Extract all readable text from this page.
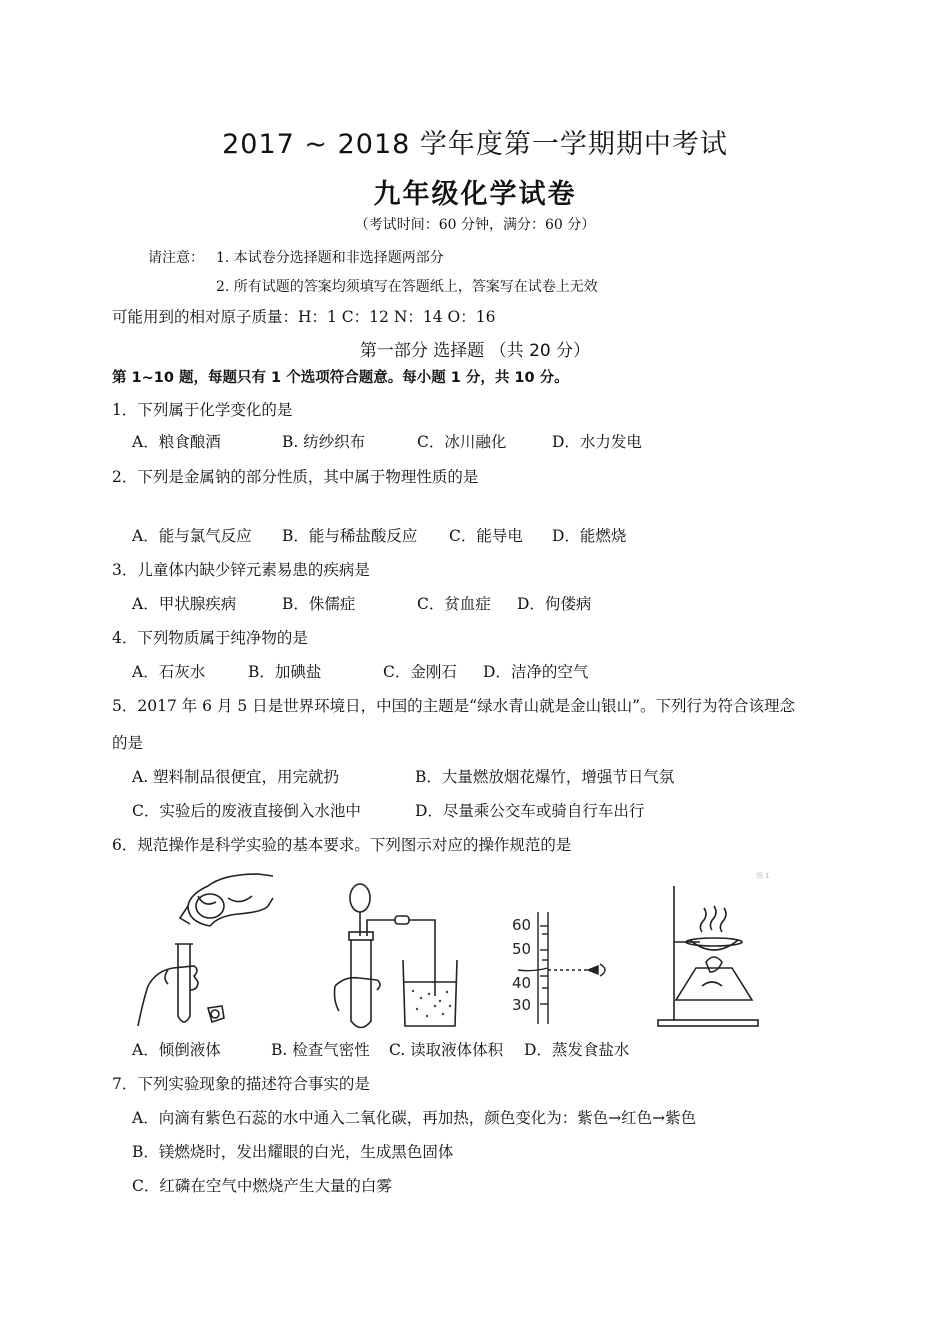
2017 ~ 2018 学年度第一学期期中考试
九年级化学试卷
（考试时间：60 分钟，满分：60 分）
请注意： 1. 本试卷分选择题和非选择题两部分
2. 所有试题的答案均须填写在答题纸上，答案写在试卷上无效
可能用到的相对原子质量：H：1 C：12 N：14 O：16
第一部分 选择题 （共 20 分）
第 1~10 题，每题只有 1 个选项符合题意。每小题 1 分，共 10 分。
1．下列属于化学变化的是
A．粮食酿酒	B. 纺纱织布	C．冰川融化	D．水力发电
2．下列是金属钠的部分性质，其中属于物理性质的是
A．能与氯气反应 B．能与稀盐酸反应 C．能导电 D．能燃烧
3．儿童体内缺少锌元素易患的疾病是
A．甲状腺疾病	B．侏儒症	C．贫血症 D．佝偻病
4．下列物质属于纯净物的是
A．石灰水	B．加碘盐	C．金刚石 D．洁净的空气
5．2017 年 6 月 5 日是世界环境日，中国的主题是“绿水青山就是金山银山”。下列行为符合该理念
的是
A. 塑料制品很便宜，用完就扔	B．大量燃放烟花爆竹，增强节日气氛
C．实验后的废液直接倒入水池中	D．尽量乘公交车或骑自行车出行
6．规范操作是科学实验的基本要求。下列图示对应的操作规范的是
60
50
40
30
图 1
A．倾倒液体	B. 检查气密性 C. 读取液体体积 D．蒸发食盐水
7．下列实验现象的描述符合事实的是
A．向滴有紫色石蕊的水中通入二氧化碳，再加热，颜色变化为：紫色→红色→紫色
B．镁燃烧时，发出耀眼的白光，生成黑色固体
C．红磷在空气中燃烧产生大量的白雾
